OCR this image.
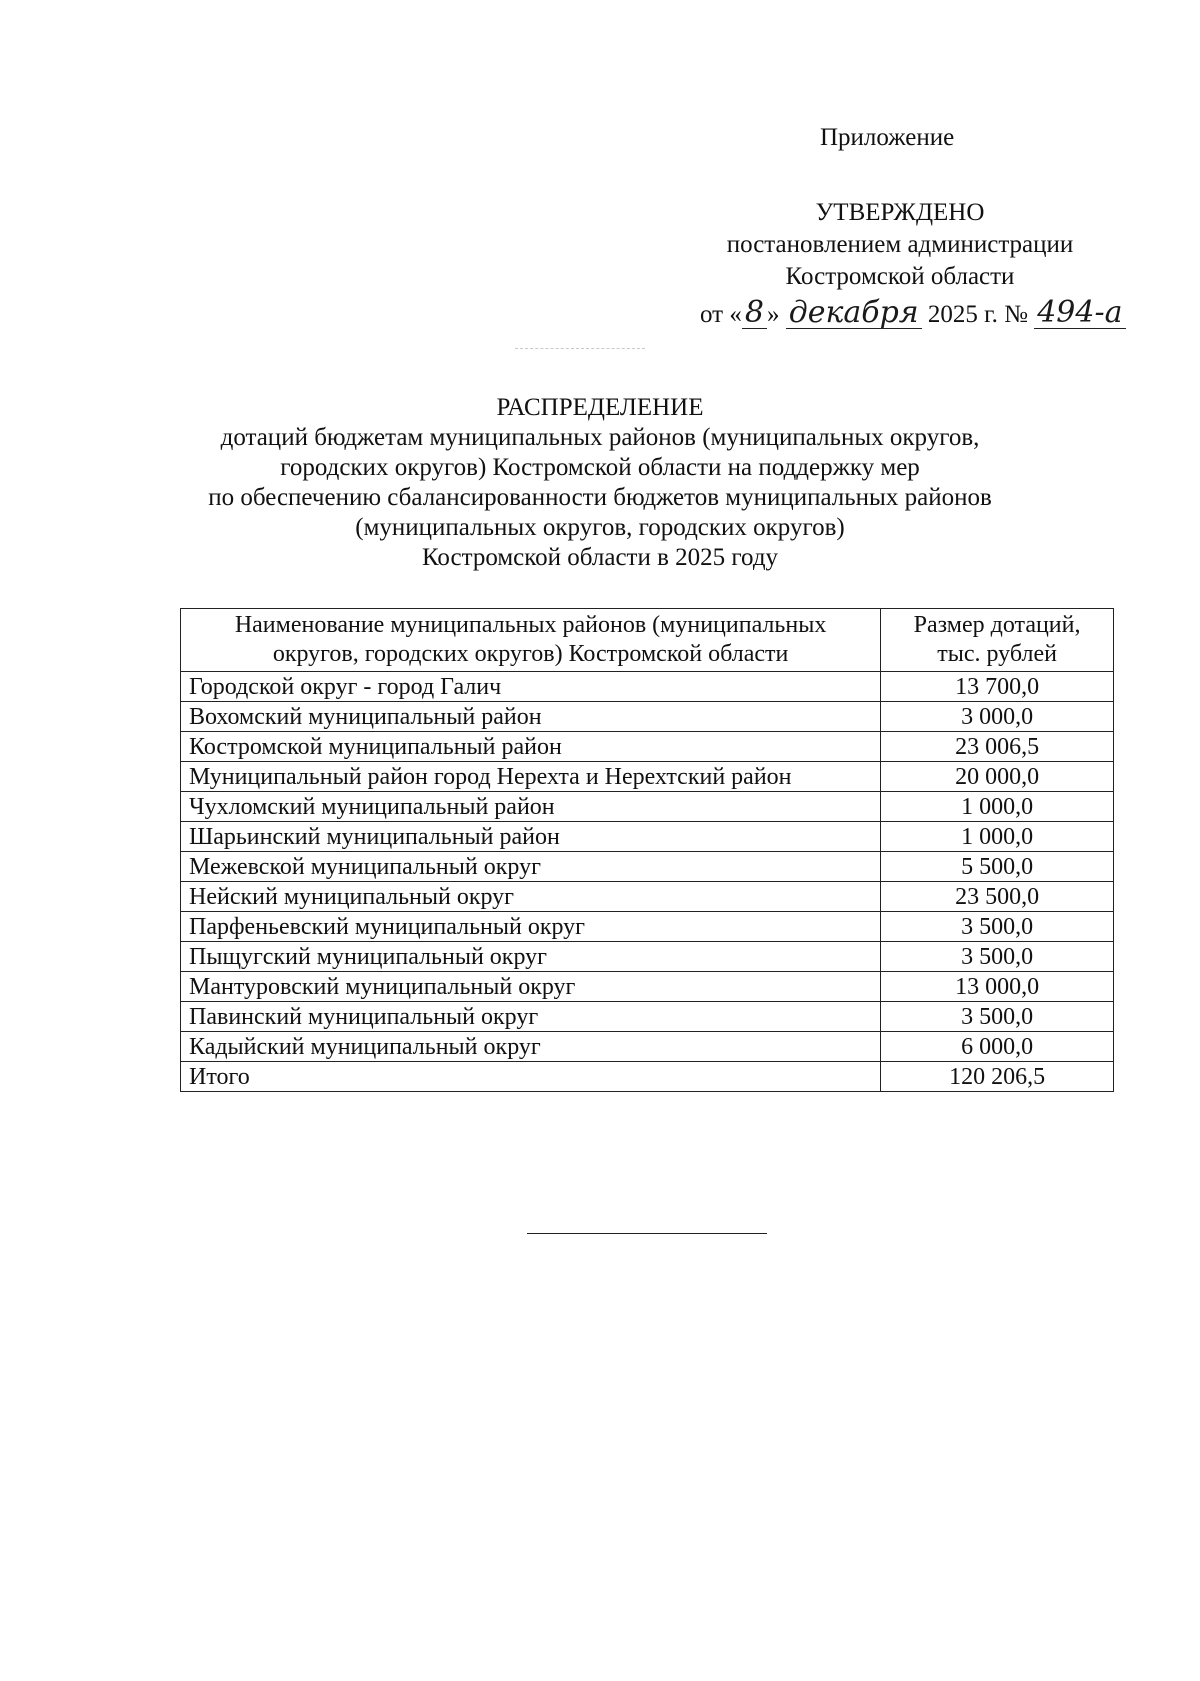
Приложение
УТВЕРЖДЕНО
постановлением администрации
Костромской области
от « 8 » декабря 2025 г. № 494-а
РАСПРЕДЕЛЕНИЕ
дотаций бюджетам муниципальных районов (муниципальных округов,
городских округов) Костромской области на поддержку мер
по обеспечению сбалансированности бюджетов муниципальных районов
(муниципальных округов, городских округов)
Костромской области в 2025 году
Наименование муниципальных районов (муниципальных округов, городских округов) Костромской области	Размер дотаций, тыс. рублей
Городской округ - город Галич	13 700,0
Вохомский муниципальный район	3 000,0
Костромской муниципальный район	23 006,5
Муниципальный район город Нерехта и Нерехтский район	20 000,0
Чухломский муниципальный район	1 000,0
Шарьинский муниципальный район	1 000,0
Межевской муниципальный округ	5 500,0
Нейский муниципальный округ	23 500,0
Парфеньевский муниципальный округ	3 500,0
Пыщугский муниципальный округ	3 500,0
Мантуровский муниципальный округ	13 000,0
Павинский муниципальный округ	3 500,0
Кадыйский муниципальный округ	6 000,0
Итого	120 206,5
